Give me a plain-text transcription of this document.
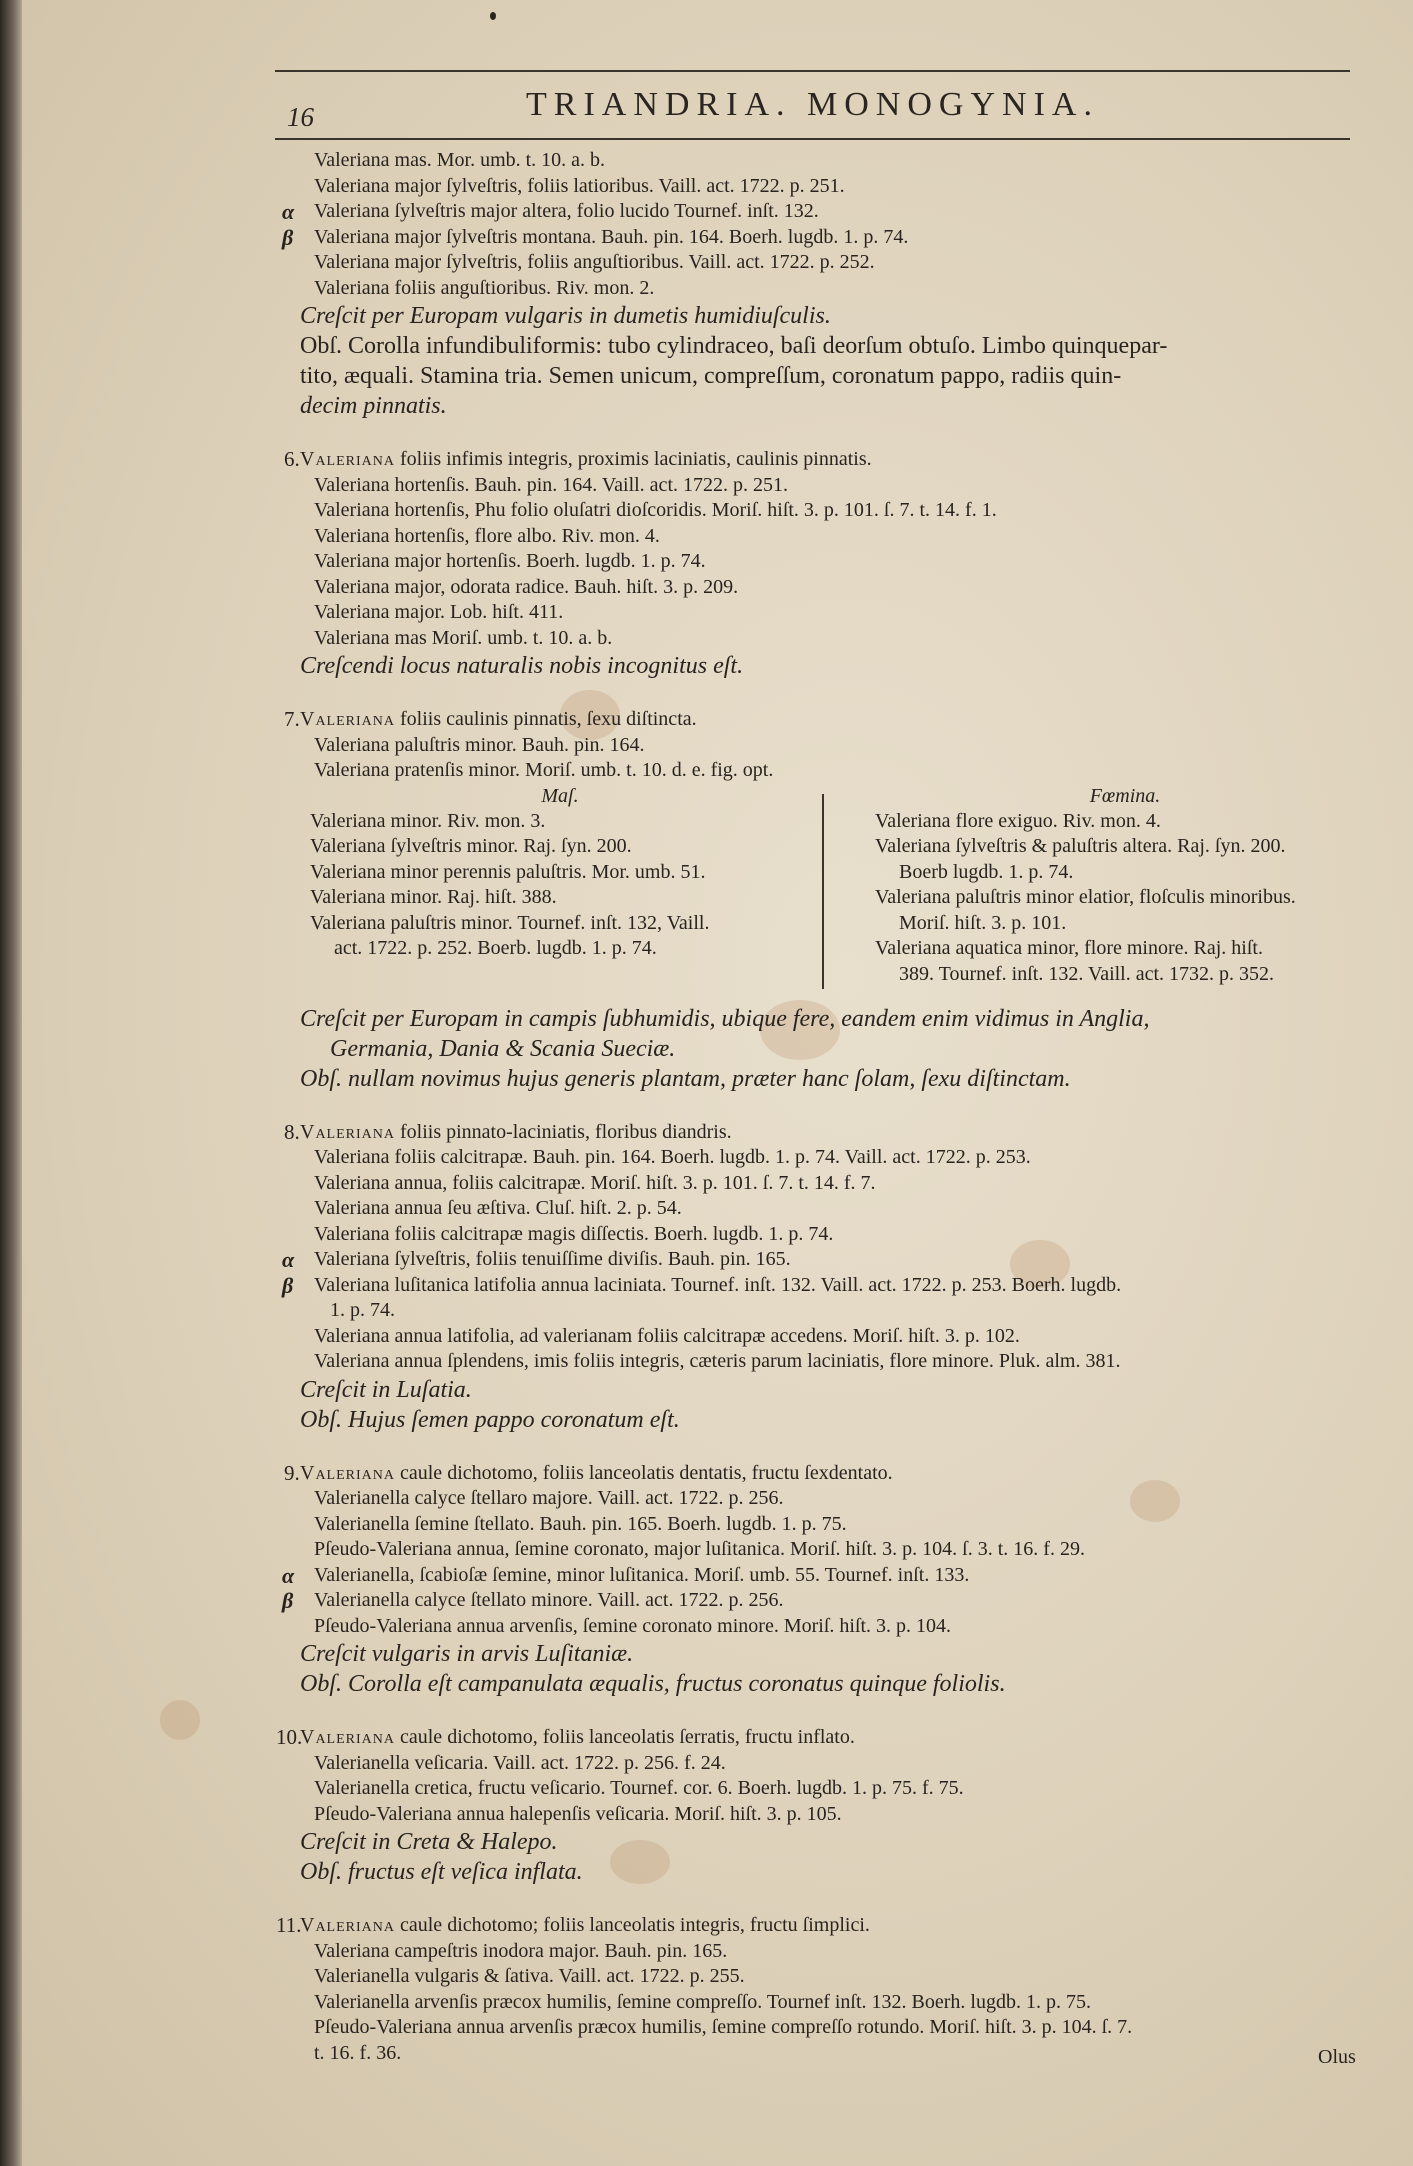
16	TRIANDRIA. MONOGYNIA.
Valeriana mas. Mor. umb. t. 10. a. b.
Valeriana major ſylveſtris, foliis latioribus. Vaill. act. 1722. p. 251.
α Valeriana ſylveſtris major altera, folio lucido Tournef. inſt. 132.
β Valeriana major ſylveſtris montana. Bauh. pin. 164. Boerh. lugdb. 1. p. 74.
Valeriana major ſylveſtris, foliis anguſtioribus. Vaill. act. 1722. p. 252.
Valeriana foliis anguſtioribus. Riv. mon. 2.
Creſcit per Europam vulgaris in dumetis humidiuſculis.
Obſ. Corolla infundibuliformis: tubo cylindraceo, baſi deorſum obtuſo. Limbo quinquepar-
tito, æquali. Stamina tria. Semen unicum, compreſſum, coronatum pappo, radiis quin-
decim pinnatis.
6. Valeriana foliis infimis integris, proximis laciniatis, caulinis pinnatis.
Valeriana hortenſis. Bauh. pin. 164. Vaill. act. 1722. p. 251.
Valeriana hortenſis, Phu folio oluſatri dioſcoridis. Moriſ. hiſt. 3. p. 101. ſ. 7. t. 14. f. 1.
Valeriana hortenſis, flore albo. Riv. mon. 4.
Valeriana major hortenſis. Boerh. lugdb. 1. p. 74.
Valeriana major, odorata radice. Bauh. hiſt. 3. p. 209.
Valeriana major. Lob. hiſt. 411.
Valeriana mas Moriſ. umb. t. 10. a. b.
Creſcendi locus naturalis nobis incognitus eſt.
7. Valeriana foliis caulinis pinnatis, ſexu diſtincta.
Valeriana paluſtris minor. Bauh. pin. 164.
Valeriana pratenſis minor. Moriſ. umb. t. 10. d. e. fig. opt.
Maſ.
Valeriana minor. Riv. mon. 3.
Valeriana ſylveſtris minor. Raj. ſyn. 200.
Valeriana minor perennis paluſtris. Mor. umb. 51.
Valeriana minor. Raj. hiſt. 388.
Valeriana paluſtris minor. Tournef. inſt. 132, Vaill.
act. 1722. p. 252. Boerb. lugdb. 1. p. 74.
Fœmina.
Valeriana flore exiguo. Riv. mon. 4.
Valeriana ſylveſtris & paluſtris altera. Raj. ſyn. 200.
Boerb lugdb. 1. p. 74.
Valeriana paluſtris minor elatior, floſculis minoribus.
Moriſ. hiſt. 3. p. 101.
Valeriana aquatica minor, flore minore. Raj. hiſt.
389. Tournef. inſt. 132. Vaill. act. 1732. p. 352.
Creſcit per Europam in campis ſubhumidis, ubique fere, eandem enim vidimus in Anglia,
Germania, Dania & Scania Sueciæ.
Obſ. nullam novimus hujus generis plantam, præter hanc ſolam, ſexu diſtinctam.
8. Valeriana foliis pinnato-laciniatis, floribus diandris.
Valeriana foliis calcitrapæ. Bauh. pin. 164. Boerh. lugdb. 1. p. 74. Vaill. act. 1722. p. 253.
Valeriana annua, foliis calcitrapæ. Moriſ. hiſt. 3. p. 101. ſ. 7. t. 14. f. 7.
Valeriana annua ſeu æſtiva. Cluſ. hiſt. 2. p. 54.
Valeriana foliis calcitrapæ magis diſſectis. Boerh. lugdb. 1. p. 74.
α Valeriana ſylveſtris, foliis tenuiſſime diviſis. Bauh. pin. 165.
β Valeriana luſitanica latifolia annua laciniata. Tournef. inſt. 132. Vaill. act. 1722. p. 253. Boerh. lugdb.
1. p. 74.
Valeriana annua latifolia, ad valerianam foliis calcitrapæ accedens. Moriſ. hiſt. 3. p. 102.
Valeriana annua ſplendens, imis foliis integris, cæteris parum laciniatis, flore minore. Pluk. alm. 381.
Creſcit in Luſatia.
Obſ. Hujus ſemen pappo coronatum eſt.
9. Valeriana caule dichotomo, foliis lanceolatis dentatis, fructu ſexdentato.
Valerianella calyce ſtellaro majore. Vaill. act. 1722. p. 256.
Valerianella ſemine ſtellato. Bauh. pin. 165. Boerh. lugdb. 1. p. 75.
Pſeudo-Valeriana annua, ſemine coronato, major luſitanica. Moriſ. hiſt. 3. p. 104. ſ. 3. t. 16. f. 29.
α Valerianella, ſcabioſæ ſemine, minor luſitanica. Moriſ. umb. 55. Tournef. inſt. 133.
β Valerianella calyce ſtellato minore. Vaill. act. 1722. p. 256.
Pſeudo-Valeriana annua arvenſis, ſemine coronato minore. Moriſ. hiſt. 3. p. 104.
Creſcit vulgaris in arvis Luſitaniæ.
Obſ. Corolla eſt campanulata æqualis, fructus coronatus quinque foliolis.
10.
Valeriana caule dichotomo, foliis lanceolatis ſerratis, fructu inflato.
Valerianella veſicaria. Vaill. act. 1722. p. 256. f. 24.
Valerianella cretica, fructu veſicario. Tournef. cor. 6. Boerh. lugdb. 1. p. 75. f. 75.
Pſeudo-Valeriana annua halepenſis veſicaria. Moriſ. hiſt. 3. p. 105.
Creſcit in Creta & Halepo.
Obſ. fructus eſt veſica inflata.
11.
Valeriana caule dichotomo; foliis lanceolatis integris, fructu ſimplici.
Valeriana campeſtris inodora major. Bauh. pin. 165.
Valerianella vulgaris & ſativa. Vaill. act. 1722. p. 255.
Valerianella arvenſis præcox humilis, ſemine compreſſo. Tournef inſt. 132. Boerh. lugdb. 1. p. 75.
Pſeudo-Valeriana annua arvenſis præcox humilis, ſemine compreſſo rotundo. Moriſ. hiſt. 3. p. 104. ſ. 7.
t. 16. f. 36.	Olus
